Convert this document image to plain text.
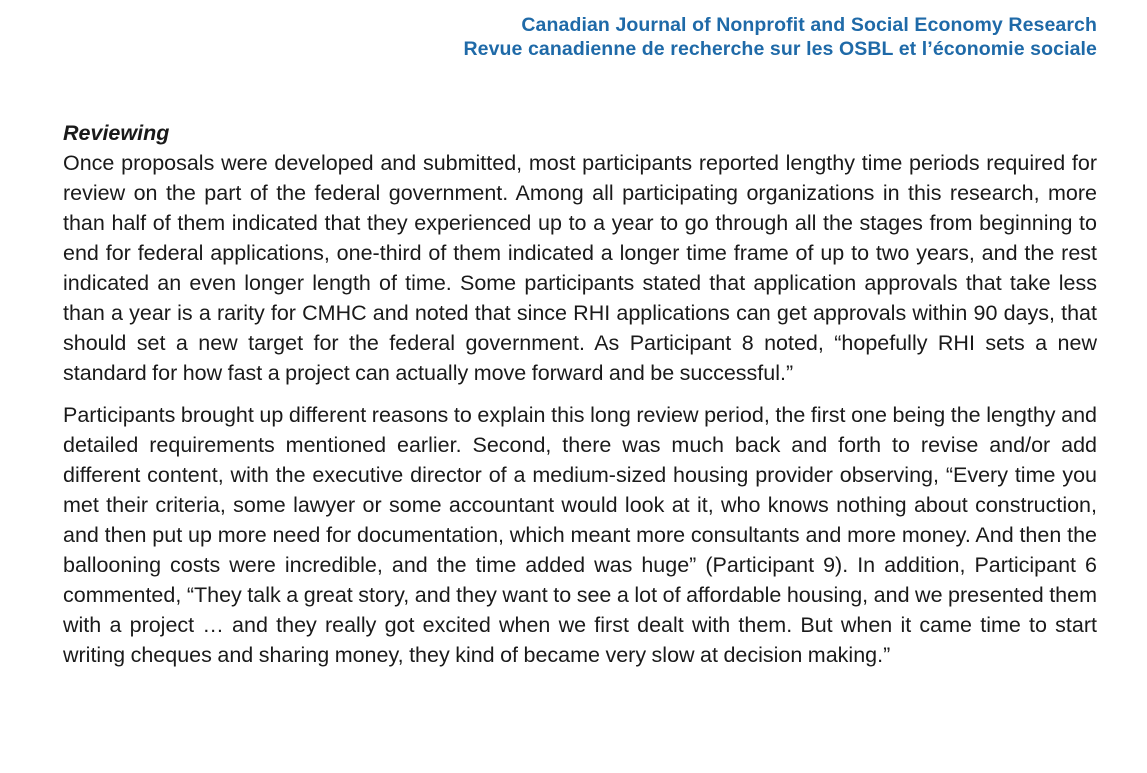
Canadian Journal of Nonprofit and Social Economy Research
Revue canadienne de recherche sur les OSBL et l’économie sociale
Reviewing

Once proposals were developed and submitted, most participants reported lengthy time periods required for review on the part of the federal government. Among all participating organizations in this research, more than half of them indicated that they experienced up to a year to go through all the stages from beginning to end for federal applications, one-third of them indicated a longer time frame of up to two years, and the rest indicated an even longer length of time. Some participants stated that application approvals that take less than a year is a rarity for CMHC and noted that since RHI applications can get approvals within 90 days, that should set a new target for the federal government. As Participant 8 noted, “hopefully RHI sets a new standard for how fast a project can actually move forward and be successful.”

Participants brought up different reasons to explain this long review period, the first one being the lengthy and detailed requirements mentioned earlier. Second, there was much back and forth to revise and/or add different content, with the executive director of a medium-sized housing provider observing, “Every time you met their criteria, some lawyer or some accountant would look at it, who knows nothing about construction, and then put up more need for documentation, which meant more consultants and more money. And then the ballooning costs were incredible, and the time added was huge” (Participant 9). In addition, Participant 6 commented, “They talk a great story, and they want to see a lot of affordable housing, and we presented them with a project … and they really got excited when we first dealt with them. But when it came time to start writing cheques and sharing money, they kind of became very slow at decision making.”
